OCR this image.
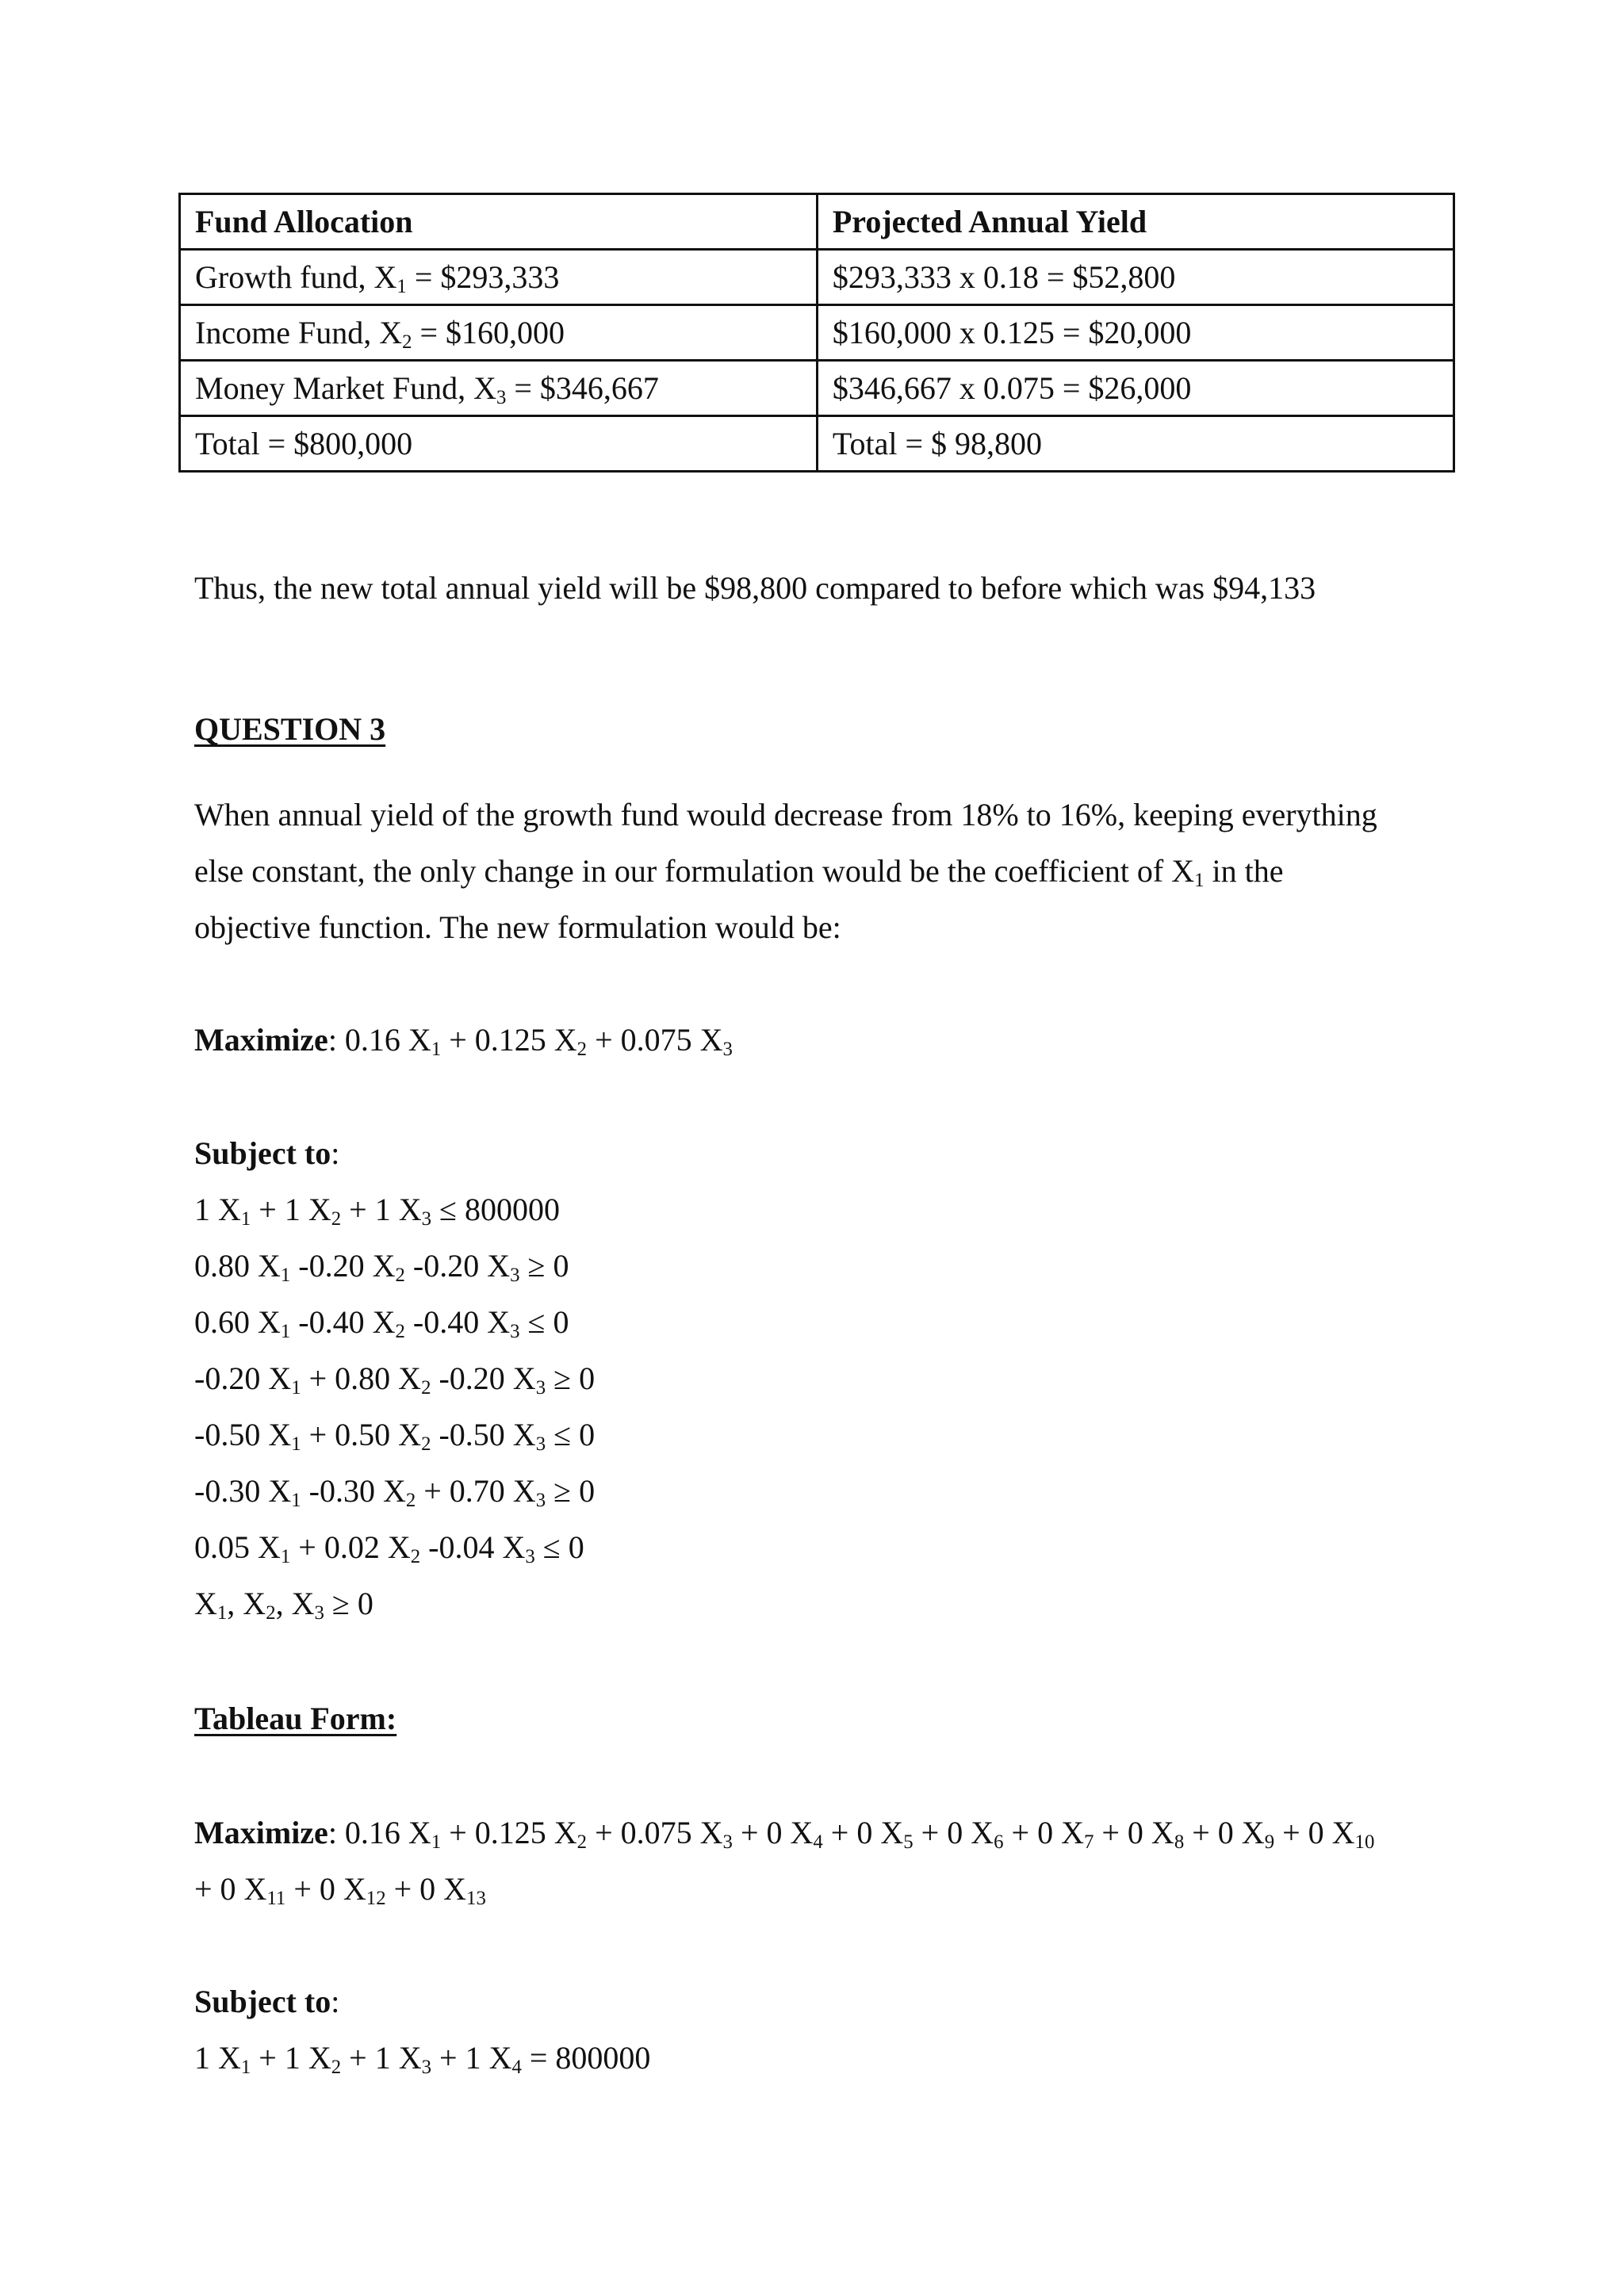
Fund Allocation	Projected Annual Yield
Growth fund, $X_1$ = $293,333	$293,333 x 0.18 = $52,800
Income Fund, $X_2$ = $160,000	$160,000 x 0.125 = $20,000
Money Market Fund, $X_3$ = $346,667	$346,667 x 0.075 = $26,000
Total = $800,000	Total = $ 98,800
Thus, the new total annual yield will be $98,800 compared to before which was $94,133
QUESTION 3
When annual yield of the growth fund would decrease from 18% to 16%, keeping everything
else constant, the only change in our formulation would be the coefficient of $X_1$ in the
objective function. The new formulation would be:
Maximize: 0.16 $X_1 + 0.125$ $X_2 + 0.075$ $X_3$
Subject to:
1 $X_1 + 1$ $X_2 + 1$ $X_3 \le 800000$
0.80 $X_1$ -0.20 $X_2$ -0.20 $X_3 \ge 0$
0.60 $X_1$ -0.40 $X_2$ -0.40 $X_3 \le 0$
-0.20 $X_1 + 0.80$ $X_2$ -0.20 $X_3 \ge 0$
-0.50 $X_1 + 0.50$ $X_2$ -0.50 $X_3 \le 0$
-0.30 $X_1$ -0.30 $X_2 + 0.70$ $X_3 \ge 0$
0.05 $X_1 + 0.02$ $X_2$ -0.04 $X_3 \le 0$
$X_1$, $X_2$, $X_3 \ge 0$
Tableau Form:
Maximize: 0.16 $X_1 + 0.125$ $X_2 + 0.075$ $X_3 + 0$ $X_4 + 0$ $X_5 + 0$ $X_6 + 0$ $X_7 + 0$ $X_8 + 0$ $X_9 + 0$ $X_{10}$
+ 0 $X_{11} + 0$ $X_{12} + 0$ $X_{13}$
Subject to:
1 $X_1 + 1$ $X_2 + 1$ $X_3 + 1$ $X_4 = 800000$
